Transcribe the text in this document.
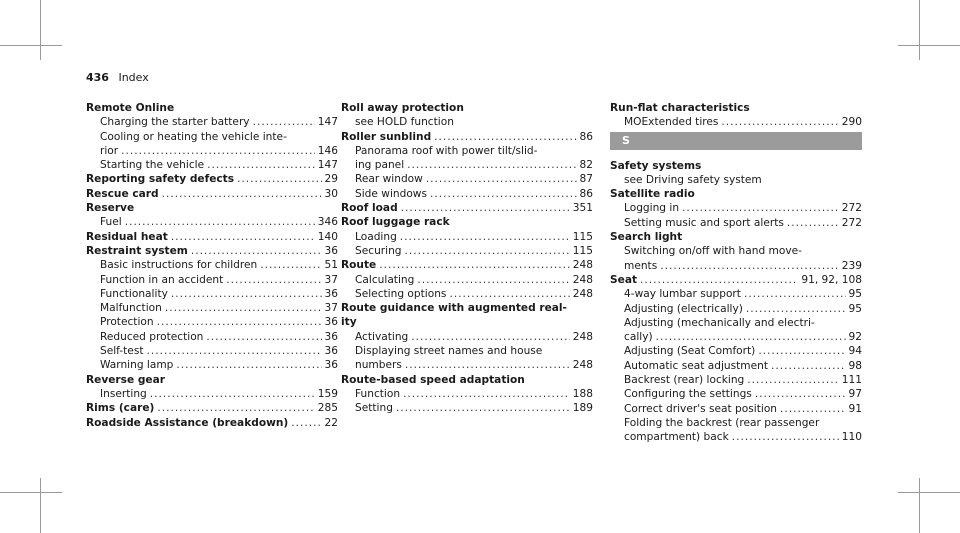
436 Index
Remote Online
Charging the starter battery .....	147
Cooling or heating the vehicle inte-
rior .....	146
Starting the vehicle .....	147
Reporting safety defects .....	29
Rescue card .....	30
Reserve
Fuel .....	346
Residual heat .....	140
Restraint system .....	36
Basic instructions for children .....	51
Function in an accident .....	37
Functionality .....	36
Malfunction .....	37
Protection .....	36
Reduced protection .....	36
Self-test .....	36
Warning lamp .....	36
Reverse gear
Inserting .....	159
Rims (care) .....	285
Roadside Assistance (breakdown) .....	22
Roll away protection
see HOLD function
Roller sunblind .....	86
Panorama roof with power tilt/slid-
ing panel .....	82
Rear window .....	87
Side windows .....	86
Roof load .....	351
Roof luggage rack
Loading .....	115
Securing .....	115
Route .....	248
Calculating .....	248
Selecting options .....	248
Route guidance with augmented real-
ity
Activating .....	248
Displaying street names and house
numbers .....	248
Route-based speed adaptation
Function .....	188
Setting .....	189
Run-flat characteristics
MOExtended tires .....	290
S
Safety systems
see Driving safety system
Satellite radio
Logging in .....	272
Setting music and sport alerts .....	272
Search light
Switching on/off with hand move-
ments .....	239
Seat .....	91, 92, 108
4-way lumbar support .....	95
Adjusting (electrically) .....	95
Adjusting (mechanically and electri-
cally) .....	92
Adjusting (Seat Comfort) .....	94
Automatic seat adjustment .....	98
Backrest (rear) locking .....	111
Configuring the settings .....	97
Correct driver's seat position .....	91
Folding the backrest (rear passenger
compartment) back .....	110
